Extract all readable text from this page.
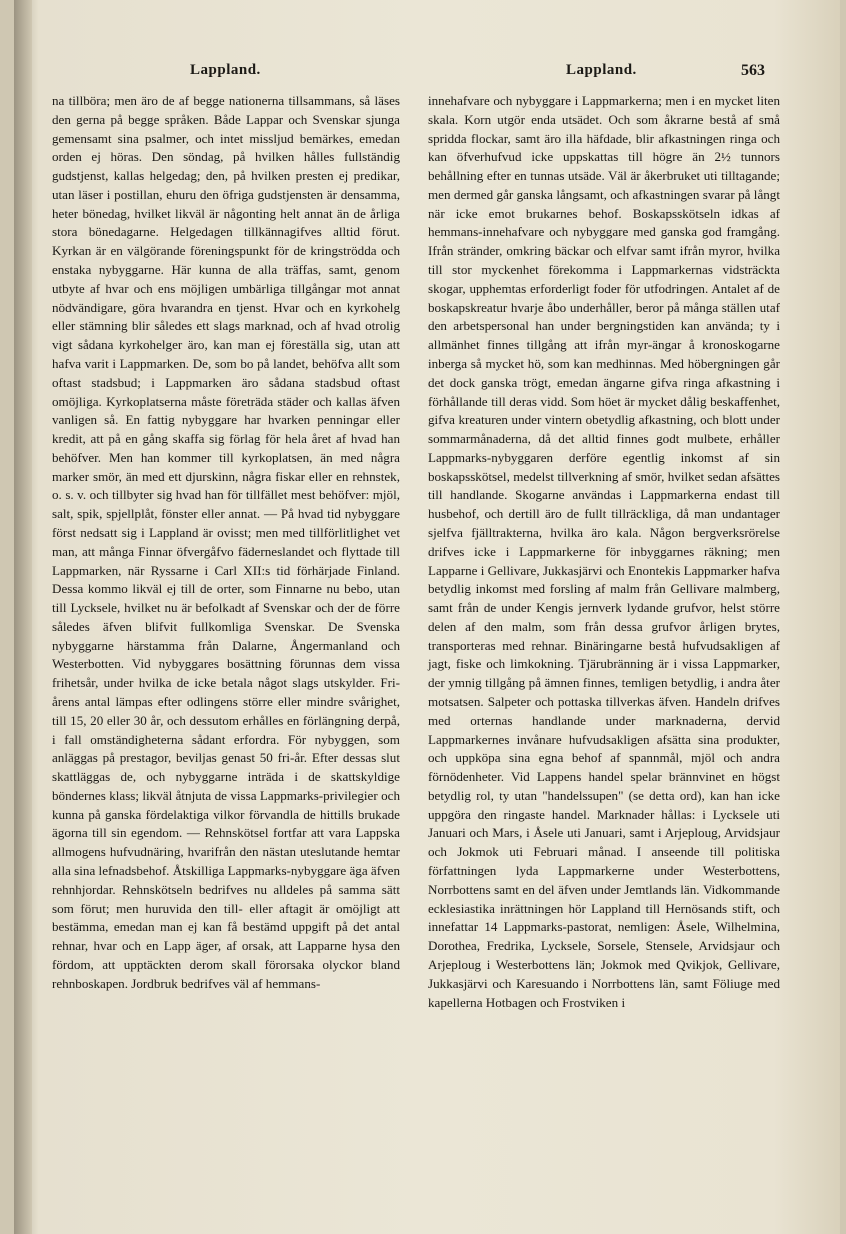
Lappland.	Lappland.	563

na tillböra; men äro de af begge nationerna tillsammans, så läses den gerna på begge språken. Både Lappar och Svenskar sjunga gemensamt sina psalmer, och intet missljud bemärkes, emedan orden ej höras. Den söndag, på hvilken hålles fullständig gudstjenst, kallas helgedag; den, på hvilken presten ej predikar, utan läser i postillan, ehuru den öfriga gudstjensten är densamma, heter bönedag, hvilket likväl är någonting helt annat än de årliga stora bönedagarne. Helgedagen tillkännagifves alltid förut. Kyrkan är en välgörande föreningspunkt för de kringströdda och enstaka nybyggarne. Här kunna de alla träffas, samt, genom utbyte af hvar och ens möjligen umbärliga tillgångar mot annat nödvändigare, göra hvarandra en tjenst. Hvar och en kyrkohelg eller stämning blir således ett slags marknad, och af hvad otrolig vigt sådana kyrkohelger äro, kan man ej föreställa sig, utan att hafva varit i Lappmarken. De, som bo på landet, behöfva allt som oftast stadsbud; i Lappmarken äro sådana stadsbud oftast omöjliga. Kyrkoplatserna måste företräda städer och kallas äfven vanligen så. En fattig nybyggare har hvarken penningar eller kredit, att på en gång skaffa sig förlag för hela året af hvad han behöfver. Men han kommer till kyrkoplatsen, än med några marker smör, än med ett djurskinn, några fiskar eller en rehnstek, o. s. v. och tillbyter sig hvad han för tillfället mest behöfver: mjöl, salt, spik, spjellplåt, fönster eller annat. — På hvad tid nybyggare först nedsatt sig i Lappland är ovisst; men med tillförlitlighet vet man, att många Finnar öfvergåfvo fäderneslandet och flyttade till Lappmarken, när Ryssarne i Carl XII:s tid förhärjade Finland. Dessa kommo likväl ej till de orter, som Finnarne nu bebo, utan till Lycksele, hvilket nu är befolkadt af Svenskar och der de förre således äfven blifvit fullkomliga Svenskar. De Svenska nybyggarne härstamma från Dalarne, Ångermanland och Westerbotten. Vid nybyggares bosättning förunnas dem vissa frihetsår, under hvilka de icke betala något slags utskylder. Fri-årens antal lämpas efter odlingens större eller mindre svårighet, till 15, 20 eller 30 år, och dessutom erhålles en förlängning derpå, i fall omständigheterna sådant erfordra. För nybyggen, som anläggas på prestagor, beviljas genast 50 fri-år. Efter dessas slut skattläggas de, och nybyggarne inträda i de skattskyldige böndernes klass; likväl åtnjuta de vissa Lappmarks-privilegier och kunna på ganska fördelaktiga vilkor förvandla de hittills brukade ägorna till sin egendom. — Rehnskötsel fortfar att vara Lappska allmogens hufvudnäring, hvarifrån den nästan uteslutande hemtar alla sina lefnadsbehof. Åtskilliga Lappmarks-nybyggare äga äfven rehnhjordar. Rehnskötseln bedrifves nu alldeles på samma sätt som förut; men huruvida den till- eller aftagit är omöjligt att bestämma, emedan man ej kan få bestämd uppgift på det antal rehnar, hvar och en Lapp äger, af orsak, att Lapparne hysa den fördom, att upptäckten derom skall förorsaka olyckor bland rehnboskapen. Jordbruk bedrifves väl af hemmans-

innehafvare och nybyggare i Lappmarkerna; men i en mycket liten skala. Korn utgör enda utsädet. Och som åkrarne bestå af små spridda flockar, samt äro illa häfdade, blir afkastningen ringa och kan öfverhufvud icke uppskattas till högre än 2½ tunnors behållning efter en tunnas utsäde. Väl är åkerbruket uti tilltagande; men dermed går ganska långsamt, och afkastningen svarar på långt när icke emot brukarnes behof. Boskapsskötseln idkas af hemmans-innehafvare och nybyggare med ganska god framgång. Ifrån stränder, omkring bäckar och elfvar samt ifrån myror, hvilka till stor myckenhet förekomma i Lappmarkernas vidsträckta skogar, upphemtas erforderligt foder för utfodringen. Antalet af de boskapskreatur hvarje åbo underhåller, beror på många ställen utaf den arbetspersonal han under bergningstiden kan använda; ty i allmänhet finnes tillgång att ifrån myr-ängar å kronoskogarne inberga så mycket hö, som kan medhinnas. Med höbergningen går det dock ganska trögt, emedan ängarne gifva ringa afkastning i förhållande till deras vidd. Som höet är mycket dålig beskaffenhet, gifva kreaturen under vintern obetydlig afkastning, och blott under sommarmånaderna, då det alltid finnes godt mulbete, erhåller Lappmarks-nybyggaren derföre egentlig inkomst af sin boskapsskötsel, medelst tillverkning af smör, hvilket sedan afsättes till handlande. Skogarne användas i Lappmarkerna endast till husbehof, och dertill äro de fullt tillräckliga, då man undantager sjelfva fjälltrakterna, hvilka äro kala. Någon bergverksrörelse drifves icke i Lappmarkerne för inbyggarnes räkning; men Lapparne i Gellivare, Jukkasjärvi och Enontekis Lappmarker hafva betydlig inkomst med forsling af malm från Gellivare malmberg, samt från de under Kengis jernverk lydande grufvor, helst större delen af den malm, som från dessa grufvor årligen brytes, transporteras med rehnar. Binäringarne bestå hufvudsakligen af jagt, fiske och limkokning. Tjärubränning är i vissa Lappmarker, der ymnig tillgång på ämnen finnes, temligen betydlig, i andra åter motsatsen. Salpeter och pottaska tillverkas äfven. Handeln drifves med orternas handlande under marknaderna, dervid Lappmarkernes invånare hufvudsakligen afsätta sina produkter, och uppköpa sina egna behof af spannmål, mjöl och andra förnödenheter. Vid Lappens handel spelar brännvinet en högst betydlig rol, ty utan "handelssupen" (se detta ord), kan han icke uppgöra den ringaste handel. Marknader hållas: i Lycksele uti Januari och Mars, i Åsele uti Januari, samt i Arjeploug, Arvidsjaur och Jokmok uti Februari månad. I anseende till politiska författningen lyda Lappmarkerne under Westerbottens, Norrbottens samt en del äfven under Jemtlands län. Vidkommande ecklesiastika inrättningen hör Lappland till Hernösands stift, och innefattar 14 Lappmarks-pastorat, nemligen: Åsele, Wilhelmina, Dorothea, Fredrika, Lycksele, Sorsele, Stensele, Arvidsjaur och Arjeploug i Westerbottens län; Jokmok med Qvikjok, Gellivare, Jukkasjärvi och Karesuando i Norrbottens län, samt Föliuge med kapellerna Hotbagen och Frostviken i
